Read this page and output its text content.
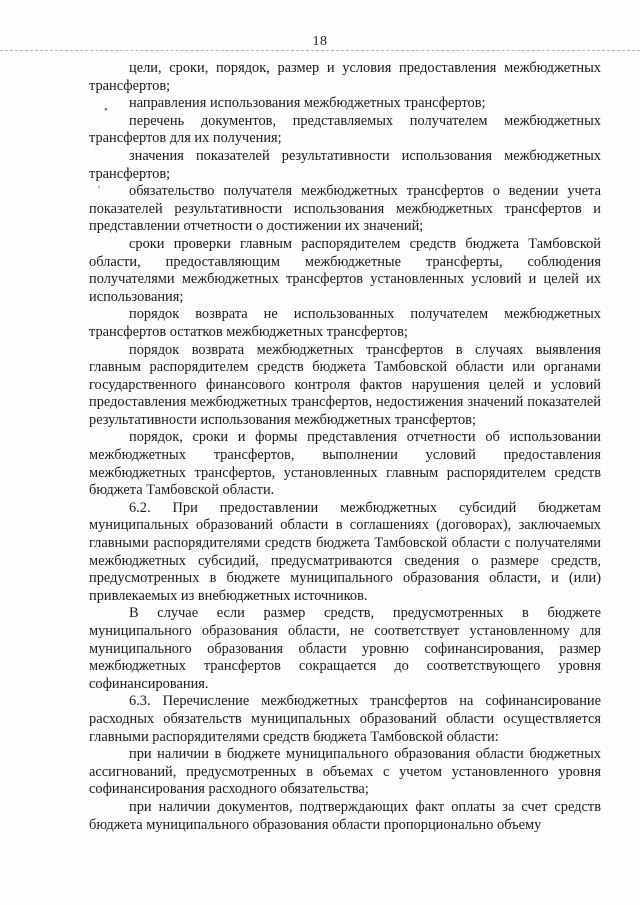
18
•
ʼ

цели, сроки, порядок, размер и условия предоставления межбюджетных трансфертов;

направления использования межбюджетных трансфертов;

перечень документов, представляемых получателем межбюджетных трансфертов для их получения;

значения показателей результативности использования межбюджетных трансфертов;

обязательство получателя межбюджетных трансфертов о ведении учета показателей результативности использования межбюджетных трансфертов и представлении отчетности о достижении их значений;

сроки проверки главным распорядителем средств бюджета Тамбовской области, предоставляющим межбюджетные трансферты, соблюдения получателями межбюджетных трансфертов установленных условий и целей их использования;

порядок возврата не использованных получателем межбюджетных трансфертов остатков межбюджетных трансфертов;

порядок возврата межбюджетных трансфертов в случаях выявления главным распорядителем средств бюджета Тамбовской области или органами государственного финансового контроля фактов нарушения целей и условий предоставления межбюджетных трансфертов, недостижения значений показателей результативности использования межбюджетных трансфертов;

порядок, сроки и формы представления отчетности об использовании межбюджетных трансфертов, выполнении условий предоставления межбюджетных трансфертов, установленных главным распорядителем средств бюджета Тамбовской области.

6.2. При предоставлении межбюджетных субсидий бюджетам муниципальных образований области в соглашениях (договорах), заключаемых главными распорядителями средств бюджета Тамбовской области с получателями межбюджетных субсидий, предусматриваются сведения о размере средств, предусмотренных в бюджете муниципального образования области, и (или) привлекаемых из внебюджетных источников.

В случае если размер средств, предусмотренных в бюджете муниципального образования области, не соответствует установленному для муниципального образования области уровню софинансирования, размер межбюджетных трансфертов сокращается до соответствующего уровня софинансирования.

6.3. Перечисление межбюджетных трансфертов на софинансирование расходных обязательств муниципальных образований области осуществляется главными распорядителями средств бюджета Тамбовской области:

при наличии в бюджете муниципального образования области бюджетных ассигнований, предусмотренных в объемах с учетом установленного уровня софинансирования расходного обязательства;

при наличии документов, подтверждающих факт оплаты за счет средств бюджета муниципального образования области пропорционально объему
